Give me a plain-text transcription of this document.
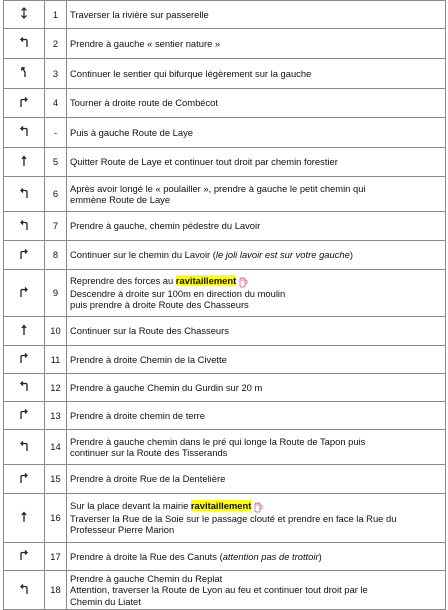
	1	Traverser la rivière sur passerelle

	2	Prendre à gauche « sentier nature »

	3	Continuer le sentier qui bifurque légèrement sur la gauche

	4	Tourner à droite route de Combécot

	-	Puis à gauche Route de Laye

	5	Quitter Route de Laye et continuer tout droit par chemin forestier

	6	Après avoir longé le « poulailler », prendre à gauche le petit chemin qui
emmène Route de Laye

	7	Prendre à gauche, chemin pédestre du Lavoir

	8	Continuer sur le chemin du Lavoir (le joli lavoir est sur votre gauche)

	9	Reprendre des forces au ravitaillement
Descendre à droite sur 100m en direction du moulin
puis prendre à droite Route des Chasseurs

	10	Continuer sur la Route des Chasseurs

	11	Prendre à droite Chemin de la Civette

	12	Prendre à gauche Chemin du Gurdin sur 20 m

	13	Prendre à droite chemin de terre

	14	Prendre à gauche chemin dans le pré qui longe la Route de Tapon puis
continuer sur la Route des Tisserands

	15	Prendre à droite Rue de la Dentelière

	16	Sur la place devant la mairie ravitaillement
Traverser la Rue de la Soie sur le passage clouté et prendre en face la Rue du
Professeur Pierre Marion

	17	Prendre à droite la Rue des Canuts (attention pas de trottoir)

	18	Prendre à gauche Chemin du Replat
Attention, traverser la Route de Lyon au feu et continuer tout droit par le
Chemin du Liatet
